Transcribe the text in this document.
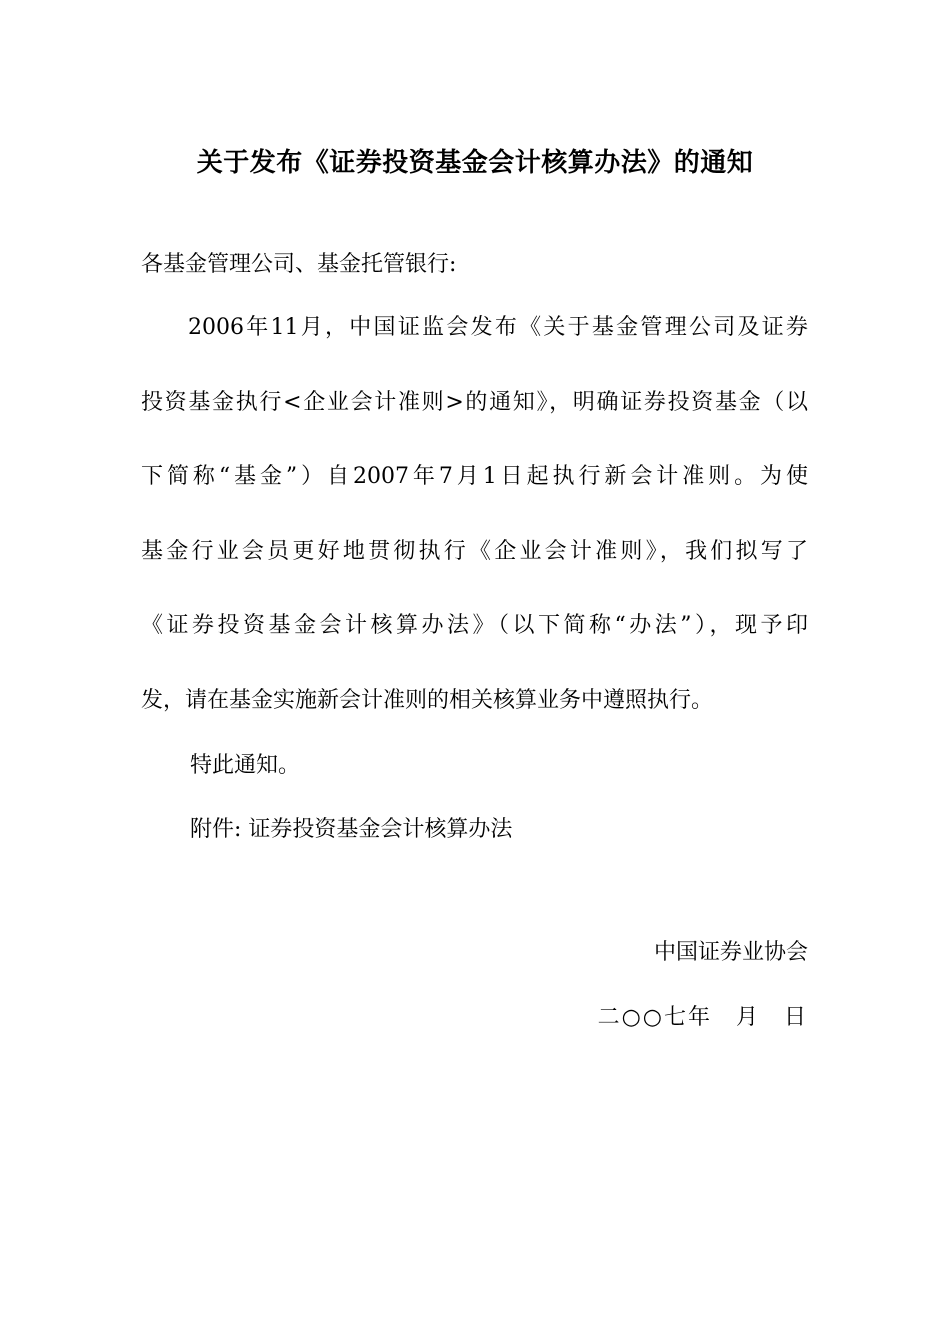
关于发布《证券投资基金会计核算办法》的通知

各基金管理公司、基金托管银行:

2006年11月，中国证监会发布《关于基金管理公司及证券

投资基金执行<企业会计准则>的通知》，明确证券投资基金（以

下简称“基金”）自2007年7月1日起执行新会计准则。为使

基金行业会员更好地贯彻执行《企业会计准则》，我们拟写了

《证券投资基金会计核算办法》（以下简称“办法”），现予印

发，请在基金实施新会计准则的相关核算业务中遵照执行。

特此通知。

附件: 证券投资基金会计核算办法

中国证券业协会

二○○七年　月　日
